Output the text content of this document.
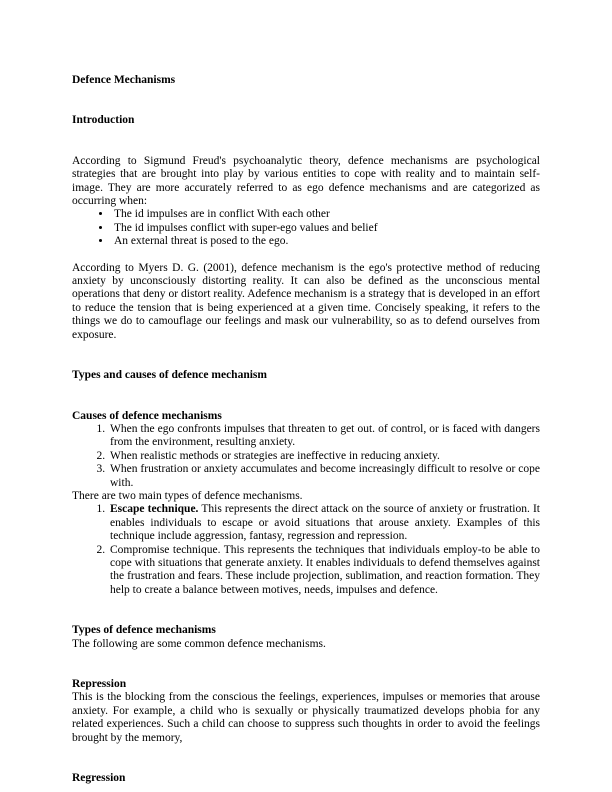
Defence Mechanisms
Introduction

According to Sigmund Freud's psychoanalytic theory, defence mechanisms are psychological strategies that are brought into play by various entities to cope with reality and to maintain self-image. They are more accurately referred to as ego defence mechanisms and are categorized as occurring when:

• The id impulses are in conflict With each other
• The id impulses conflict with super-ego values and belief
• An external threat is posed to the ego.

According to Myers D. G. (2001), defence mechanism is the ego's protective method of reducing anxiety by unconsciously distorting reality. It can also be defined as the unconscious mental operations that deny or distort reality. Adefence mechanism is a strategy that is developed in an effort to reduce the tension that is being experienced at a given time. Concisely speaking, it refers to the things we do to camouflage our feelings and mask our vulnerability, so as to defend ourselves from exposure.

Types and causes of defence mechanism
Causes of defence mechanisms
1. When the ego confronts impulses that threaten to get out. of control, or is faced with dangers from the environment, resulting anxiety.
2. When realistic methods or strategies are ineffective in reducing anxiety.
3. When frustration or anxiety accumulates and become increasingly difficult to resolve or cope with.

There are two main types of defence mechanisms.

1. Escape technique. This represents the direct attack on the source of anxiety or frustration. It enables individuals to escape or avoid situations that arouse anxiety. Examples of this technique include aggression, fantasy, regression and repression.
2. Compromise technique. This represents the techniques that individuals employ-to be able to cope with situations that generate anxiety. It enables individuals to defend themselves against the frustration and fears. These include projection, sublimation, and reaction formation. They help to create a balance between motives, needs, impulses and defence.
Types of defence mechanisms

The following are some common defence mechanisms.

Repression

This is the blocking from the conscious the feelings, experiences, impulses or memories that arouse anxiety. For example, a child who is sexually or physically traumatized develops phobia for any related experiences. Such a child can choose to suppress such thoughts in order to avoid the feelings brought by the memory,

Regression
